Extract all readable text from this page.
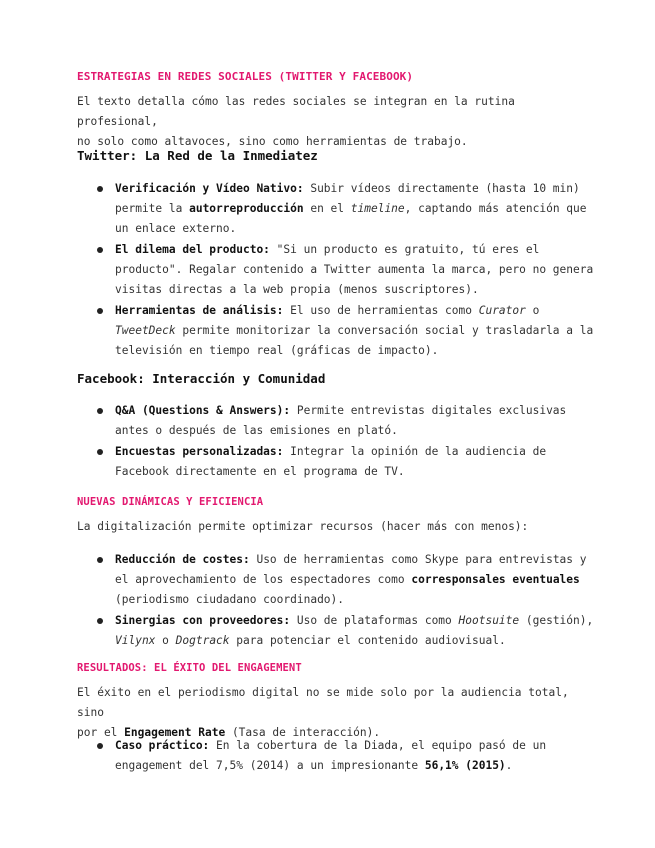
ESTRATEGIAS EN REDES SOCIALES (TWITTER Y FACEBOOK)
El texto detalla cómo las redes sociales se integran en la rutina profesional,
no solo como altavoces, sino como herramientas de trabajo.
Twitter: La Red de la Inmediatez
Verificación y Vídeo Nativo: Subir vídeos directamente (hasta 10 min)
permite la autorreproducción en el timeline, captando más atención que
un enlace externo.
El dilema del producto: "Si un producto es gratuito, tú eres el
producto". Regalar contenido a Twitter aumenta la marca, pero no genera
visitas directas a la web propia (menos suscriptores).
Herramientas de análisis: El uso de herramientas como Curator o
TweetDeck permite monitorizar la conversación social y trasladarla a la
televisión en tiempo real (gráficas de impacto).
Facebook: Interacción y Comunidad
Q&A (Questions & Answers): Permite entrevistas digitales exclusivas
antes o después de las emisiones en plató.
Encuestas personalizadas: Integrar la opinión de la audiencia de
Facebook directamente en el programa de TV.
NUEVAS DINÁMICAS Y EFICIENCIA
La digitalización permite optimizar recursos (hacer más con menos):
Reducción de costes: Uso de herramientas como Skype para entrevistas y
el aprovechamiento de los espectadores como corresponsales eventuales
(periodismo ciudadano coordinado).
Sinergias con proveedores: Uso de plataformas como Hootsuite (gestión),
Vilynx o Dogtrack para potenciar el contenido audiovisual.
RESULTADOS: EL ÉXITO DEL ENGAGEMENT
El éxito en el periodismo digital no se mide solo por la audiencia total, sino
por el Engagement Rate (Tasa de interacción).
Caso práctico: En la cobertura de la Diada, el equipo pasó de un
engagement del 7,5% (2014) a un impresionante 56,1% (2015).
